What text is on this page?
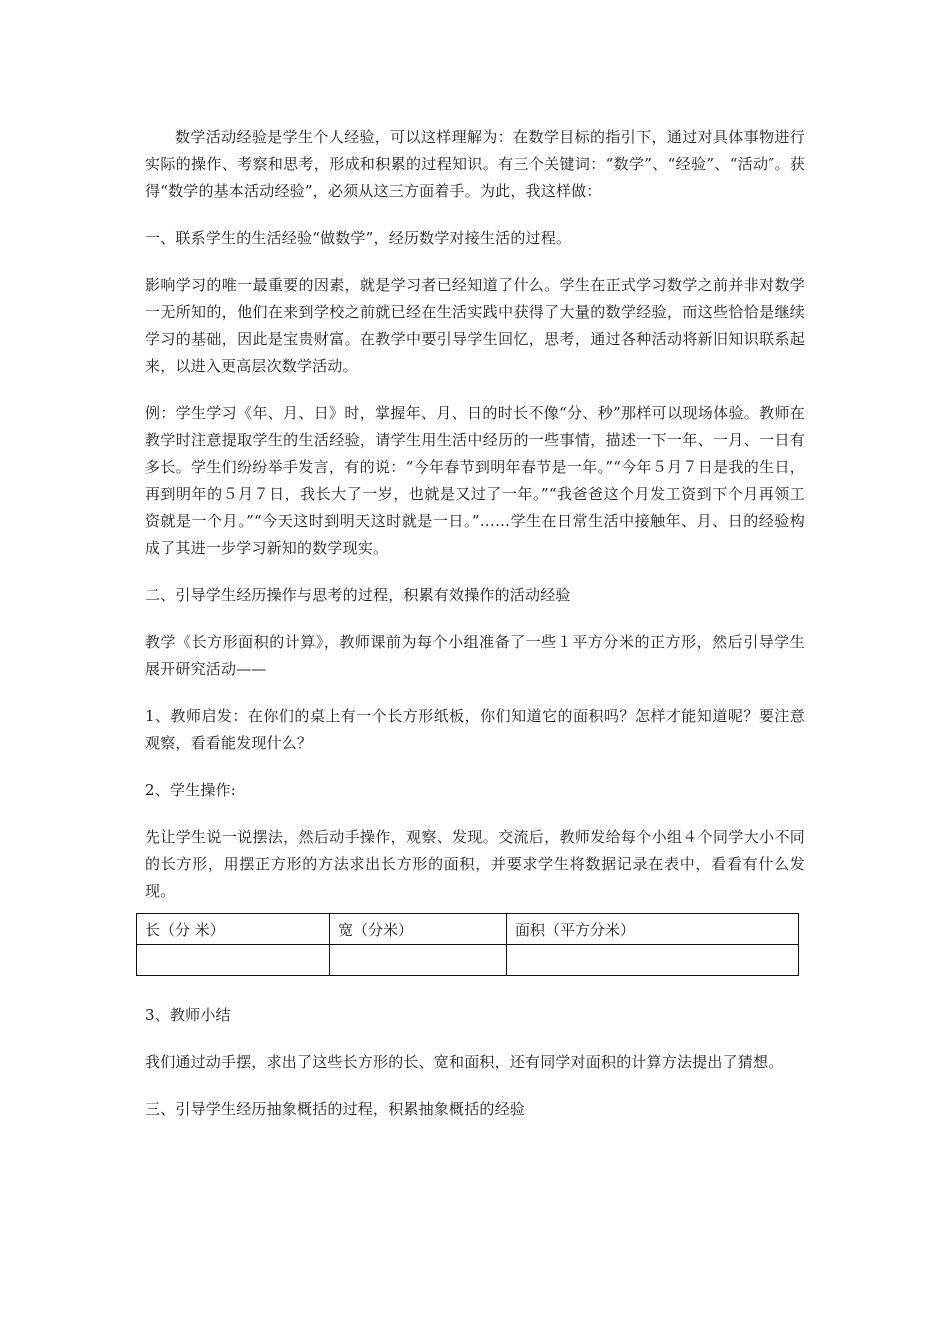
数学活动经验是学生个人经验，可以这样理解为：在数学目标的指引下，通过对具体事物进行实际的操作、考察和思考，形成和积累的过程知识。有三个关键词：“数学”、“经验”、“活动″。获得“数学的基本活动经验”，必须从这三方面着手。为此，我这样做：

一、联系学生的生活经验“做数学”，经历数学对接生活的过程。

影响学习的唯一最重要的因素，就是学习者已经知道了什么。学生在正式学习数学之前并非对数学一无所知的，他们在来到学校之前就已经在生活实践中获得了大量的数学经验，而这些恰恰是继续学习的基础，因此是宝贵财富。在教学中要引导学生回忆，思考，通过各种活动将新旧知识联系起来，以进入更高层次数学活动。

例：学生学习《年、月、日》时，掌握年、月、日的时长不像“分、秒”那样可以现场体验。教师在教学时注意提取学生的生活经验，请学生用生活中经历的一些事情，描述一下一年、一月、一日有多长。学生们纷纷举手发言，有的说：“今年春节到明年春节是一年。”“今年５月７日是我的生日，再到明年的５月７日，我长大了一岁，也就是又过了一年。”“我爸爸这个月发工资到下个月再领工资就是一个月。”“今天这时到明天这时就是一日。”……学生在日常生活中接触年、月、日的经验构成了其进一步学习新知的数学现实。

二、引导学生经历操作与思考的过程，积累有效操作的活动经验

教学《长方形面积的计算》，教师课前为每个小组准备了一些１平方分米的正方形，然后引导学生展开研究活动——

1、教师启发：在你们的桌上有一个长方形纸板，你们知道它的面积吗？怎样才能知道呢？要注意观察，看看能发现什么？

2、学生操作:

先让学生说一说摆法，然后动手操作，观察、发现。交流后，教师发给每个小组４个同学大小不同的长方形，用摆正方形的方法求出长方形的面积，并要求学生将数据记录在表中，看看有什么发现。

长（分 米）	宽（分米）	面积（平方分米）

3、教师小结

我们通过动手摆，求出了这些长方形的长、宽和面积，还有同学对面积的计算方法提出了猜想。

三、引导学生经历抽象概括的过程，积累抽象概括的经验
